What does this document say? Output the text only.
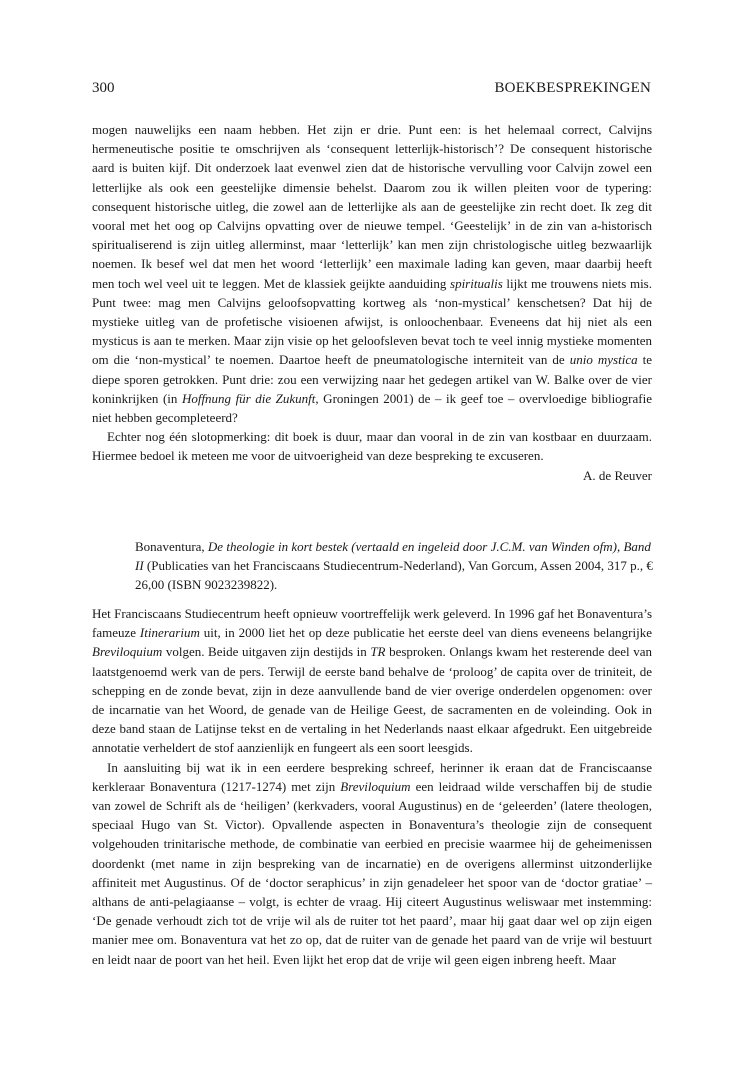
300	BOEKBESPREKINGEN

mogen nauwelijks een naam hebben. Het zijn er drie. Punt een: is het helemaal correct, Calvijns hermeneutische positie te omschrijven als ‘consequent letterlijk-historisch’? De consequent historische aard is buiten kijf. Dit onderzoek laat evenwel zien dat de historische vervulling voor Calvijn zowel een letterlijke als ook een geestelijke dimensie behelst. Daarom zou ik willen pleiten voor de typering: consequent historische uitleg, die zowel aan de letterlijke als aan de geestelijke zin recht doet. Ik zeg dit vooral met het oog op Calvijns opvatting over de nieuwe tempel. ‘Geestelijk’ in de zin van a-historisch spiritualiserend is zijn uitleg allerminst, maar ‘letterlijk’ kan men zijn christologische uitleg bezwaarlijk noemen. Ik besef wel dat men het woord ‘letterlijk’ een maximale lading kan geven, maar daarbij heeft men toch wel veel uit te leggen. Met de klassiek geijkte aanduiding spiritualis lijkt me trouwens niets mis. Punt twee: mag men Calvijns geloofsopvatting kortweg als ‘non-mystical’ kenschetsen? Dat hij de mystieke uitleg van de profetische visioenen afwijst, is onloochenbaar. Eveneens dat hij niet als een mysticus is aan te merken. Maar zijn visie op het geloofsleven bevat toch te veel innig mystieke momenten om die ‘non-mystical’ te noemen. Daartoe heeft de pneumatologische interniteit van de unio mystica te diepe sporen getrokken. Punt drie: zou een verwijzing naar het gedegen artikel van W. Balke over de vier koninkrijken (in Hoffnung für die Zukunft, Groningen 2001) de – ik geef toe – overvloedige bibliografie niet hebben gecompleteerd?

Echter nog één slotopmerking: dit boek is duur, maar dan vooral in de zin van kostbaar en duurzaam. Hiermee bedoel ik meteen me voor de uitvoerigheid van deze bespreking te excuseren.

A. de Reuver

Bonaventura, De theologie in kort bestek (vertaald en ingeleid door J.C.M. van Winden ofm), Band II (Publicaties van het Franciscaans Studiecentrum-Nederland), Van Gorcum, Assen 2004, 317 p., € 26,00 (ISBN 9023239822).

Het Franciscaans Studiecentrum heeft opnieuw voortreffelijk werk geleverd. In 1996 gaf het Bonaventura’s fameuze Itinerarium uit, in 2000 liet het op deze publicatie het eerste deel van diens eveneens belangrijke Breviloquium volgen. Beide uitgaven zijn destijds in TR besproken. Onlangs kwam het resterende deel van laatstgenoemd werk van de pers. Terwijl de eerste band behalve de ‘proloog’ de capita over de triniteit, de schepping en de zonde bevat, zijn in deze aanvullende band de vier overige onderdelen opgenomen: over de incarnatie van het Woord, de genade van de Heilige Geest, de sacramenten en de voleinding. Ook in deze band staan de Latijnse tekst en de vertaling in het Nederlands naast elkaar afgedrukt. Een uitgebreide annotatie verheldert de stof aanzienlijk en fungeert als een soort leesgids.

In aansluiting bij wat ik in een eerdere bespreking schreef, herinner ik eraan dat de Franciscaanse kerkleraar Bonaventura (1217-1274) met zijn Breviloquium een leidraad wilde verschaffen bij de studie van zowel de Schrift als de ‘heiligen’ (kerkvaders, vooral Augustinus) en de ‘geleerden’ (latere theologen, speciaal Hugo van St. Victor). Opvallende aspecten in Bonaventura’s theologie zijn de consequent volgehouden trinitarische methode, de combinatie van eerbied en precisie waarmee hij de geheimenissen doordenkt (met name in zijn bespreking van de incarnatie) en de overigens allerminst uitzonderlijke affiniteit met Augustinus. Of de ‘doctor seraphicus’ in zijn genadeleer het spoor van de ‘doctor gratiae’ – althans de anti-pelagiaanse – volgt, is echter de vraag. Hij citeert Augustinus weliswaar met instemming: ‘De genade verhoudt zich tot de vrije wil als de ruiter tot het paard’, maar hij gaat daar wel op zijn eigen manier mee om. Bonaventura vat het zo op, dat de ruiter van de genade het paard van de vrije wil bestuurt en leidt naar de poort van het heil. Even lijkt het erop dat de vrije wil geen eigen inbreng heeft. Maar
